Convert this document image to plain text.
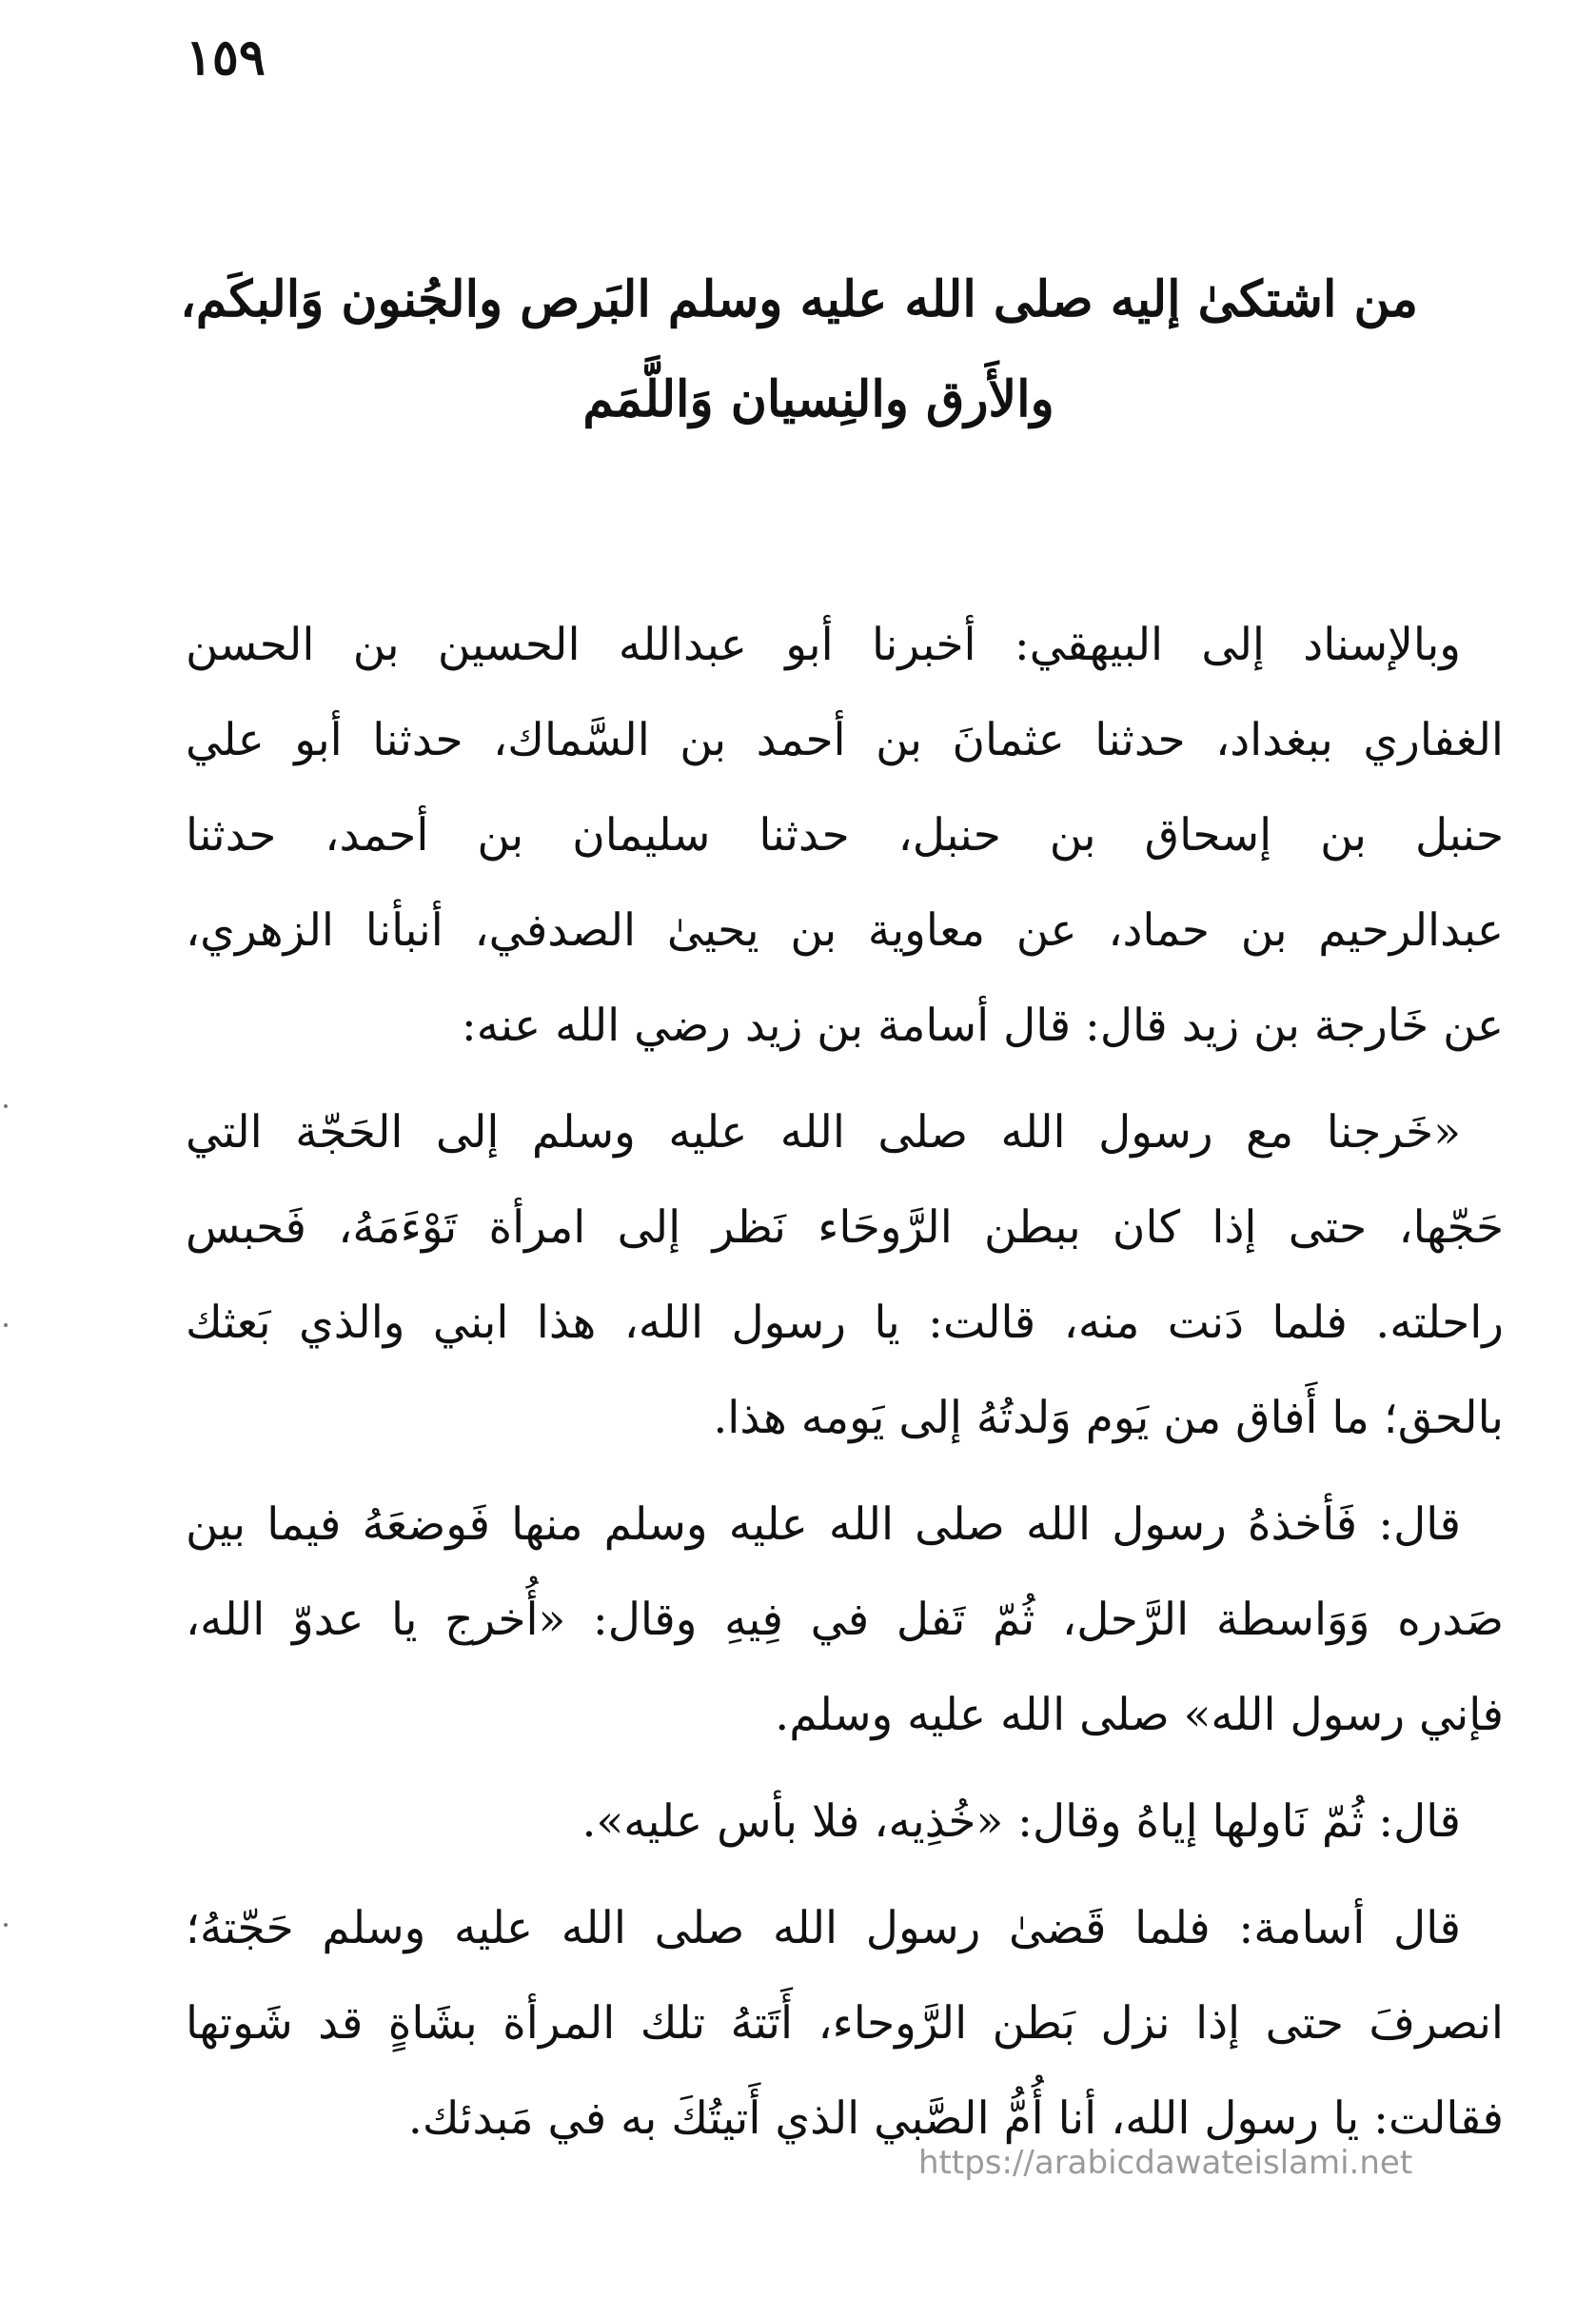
١٥٩
من اشتكىٰ إليه صلى الله عليه وسلم البَرص والجُنون وَالبكَم،
والأَرق والنِسيان وَاللَّمَم
وبالإسناد إلى البيهقي: أخبرنا أبو عبدالله الحسين بن الحسن
الغفاري ببغداد، حدثنا عثمانَ بن أحمد بن السَّماك، حدثنا أبو علي
حنبل بن إسحاق بن حنبل، حدثنا سليمان بن أحمد، حدثنا
عبدالرحيم بن حماد، عن معاوية بن يحيىٰ الصدفي، أنبأنا الزهري،
عن خَارجة بن زيد قال: قال أسامة بن زيد رضي الله عنه:
«خَرجنا مع رسول الله صلى الله عليه وسلم إلى الحَجّة التي
حَجّها، حتى إذا كان ببطن الرَّوحَاء نَظر إلى امرأة تَوْءَمَهُ، فَحبس
راحلته. فلما دَنت منه، قالت: يا رسول الله، هذا ابني والذي بَعثك
بالحق؛ ما أَفاق من يَوم وَلدتُهُ إلى يَومه هذا.
قال: فَأخذهُ رسول الله صلى الله عليه وسلم منها فَوضعَهُ فيما بين
صَدره وَوَاسطة الرَّحل، ثُمّ تَفل في فِيهِ وقال: «أُخرج يا عدوّ الله،
فإني رسول الله» صلى الله عليه وسلم.
قال: ثُمّ نَاولها إياهُ وقال: «خُذِيه، فلا بأس عليه».
قال أسامة: فلما قَضىٰ رسول الله صلى الله عليه وسلم حَجّتهُ؛
انصرفَ حتى إذا نزل بَطن الرَّوحاء، أَتَتهُ تلك المرأة بشَاةٍ قد شَوتها
فقالت: يا رسول الله، أنا أُمُّ الصَّبي الذي أَتيتُكَ به في مَبدئك.
https://arabicdawateislami.net
